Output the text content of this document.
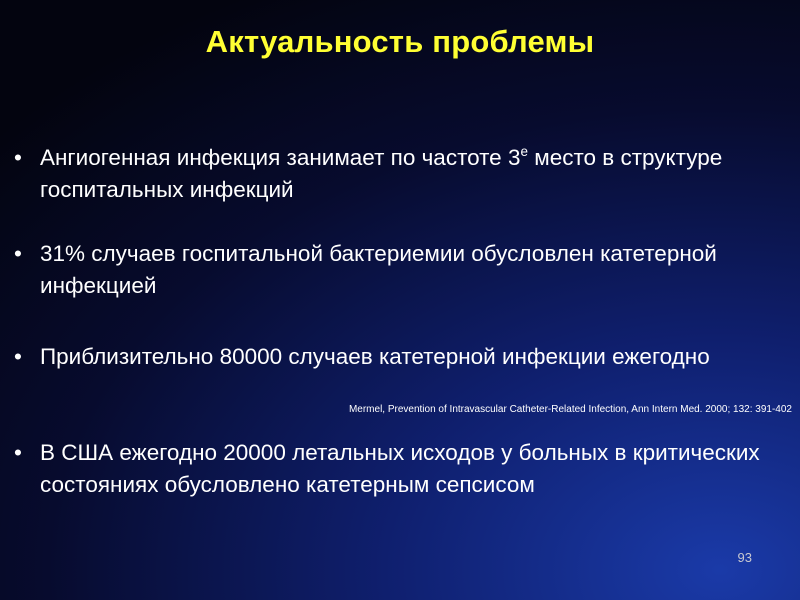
Актуальность проблемы
• Ангиогенная инфекция занимает по частоте $3^е$ место в структуре госпитальных инфекций
• 31% случаев госпитальной бактериемии обусловлен катетерной инфекцией
• Приблизительно 80000 случаев катетерной инфекции ежегодно
Mermel, Prevention of Intravascular Catheter-Related Infection, Ann Intern Med. 2000; 132: 391-402
• В США ежегодно 20000 летальных исходов у больных в критических состояниях обусловлено катетерным сепсисом
93
